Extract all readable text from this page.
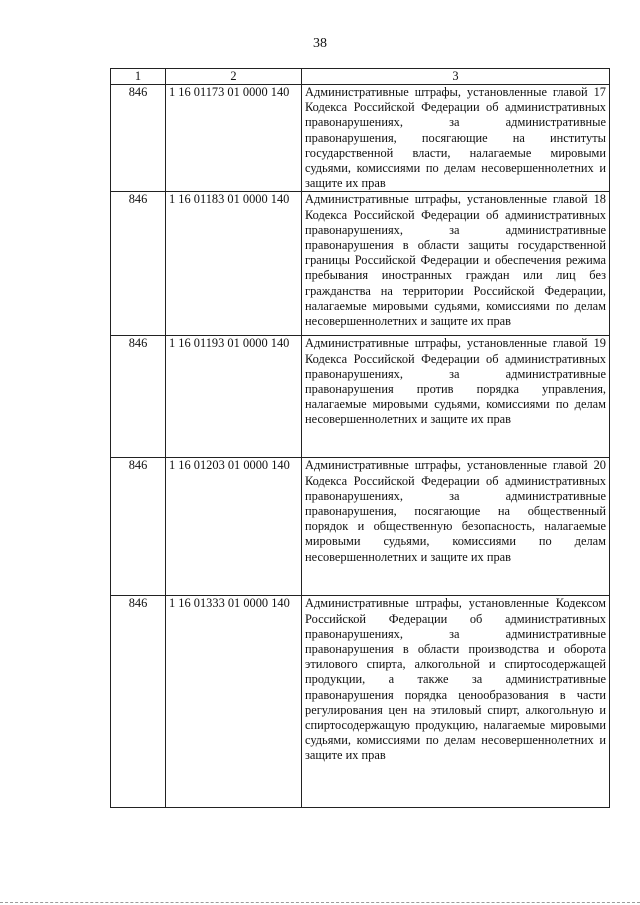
38
1	2	3
846	1 16 01173 01 0000 140	Административные штрафы, установленные главой 17 Кодекса Российской Федерации об административных правонарушениях, за административные правонарушения, посягающие на институты государственной власти, налагаемые мировыми судьями, комиссиями по делам несовершеннолетних и защите их прав
846	1 16 01183 01 0000 140	Административные штрафы, установленные главой 18 Кодекса Российской Федерации об административных правонарушениях, за административные правонарушения в области защиты государственной границы Российской Федерации и обеспечения режима пребывания иностранных граждан или лиц без гражданства на территории Российской Федерации, налагаемые мировыми судьями, комиссиями по делам несовершеннолетних и защите их прав
846	1 16 01193 01 0000 140	Административные штрафы, установленные главой 19 Кодекса Российской Федерации об административных правонарушениях, за административные правонарушения против порядка управления, налагаемые мировыми судьями, комиссиями по делам несовершеннолетних и защите их прав
846	1 16 01203 01 0000 140	Административные штрафы, установленные главой 20 Кодекса Российской Федерации об административных правонарушениях, за административные правонарушения, посягающие на общественный порядок и общественную безопасность, налагаемые мировыми судьями, комиссиями по делам несовершеннолетних и защите их прав
846	1 16 01333 01 0000 140	Административные штрафы, установленные Кодексом Российской Федерации об административных правонарушениях, за административные правонарушения в области производства и оборота этилового спирта, алкогольной и спиртосодержащей продукции, а также за административные правонарушения порядка ценообразования в части регулирования цен на этиловый спирт, алкогольную и спиртосодержащую продукцию, налагаемые мировыми судьями, комиссиями по делам несовершеннолетних и защите их прав
